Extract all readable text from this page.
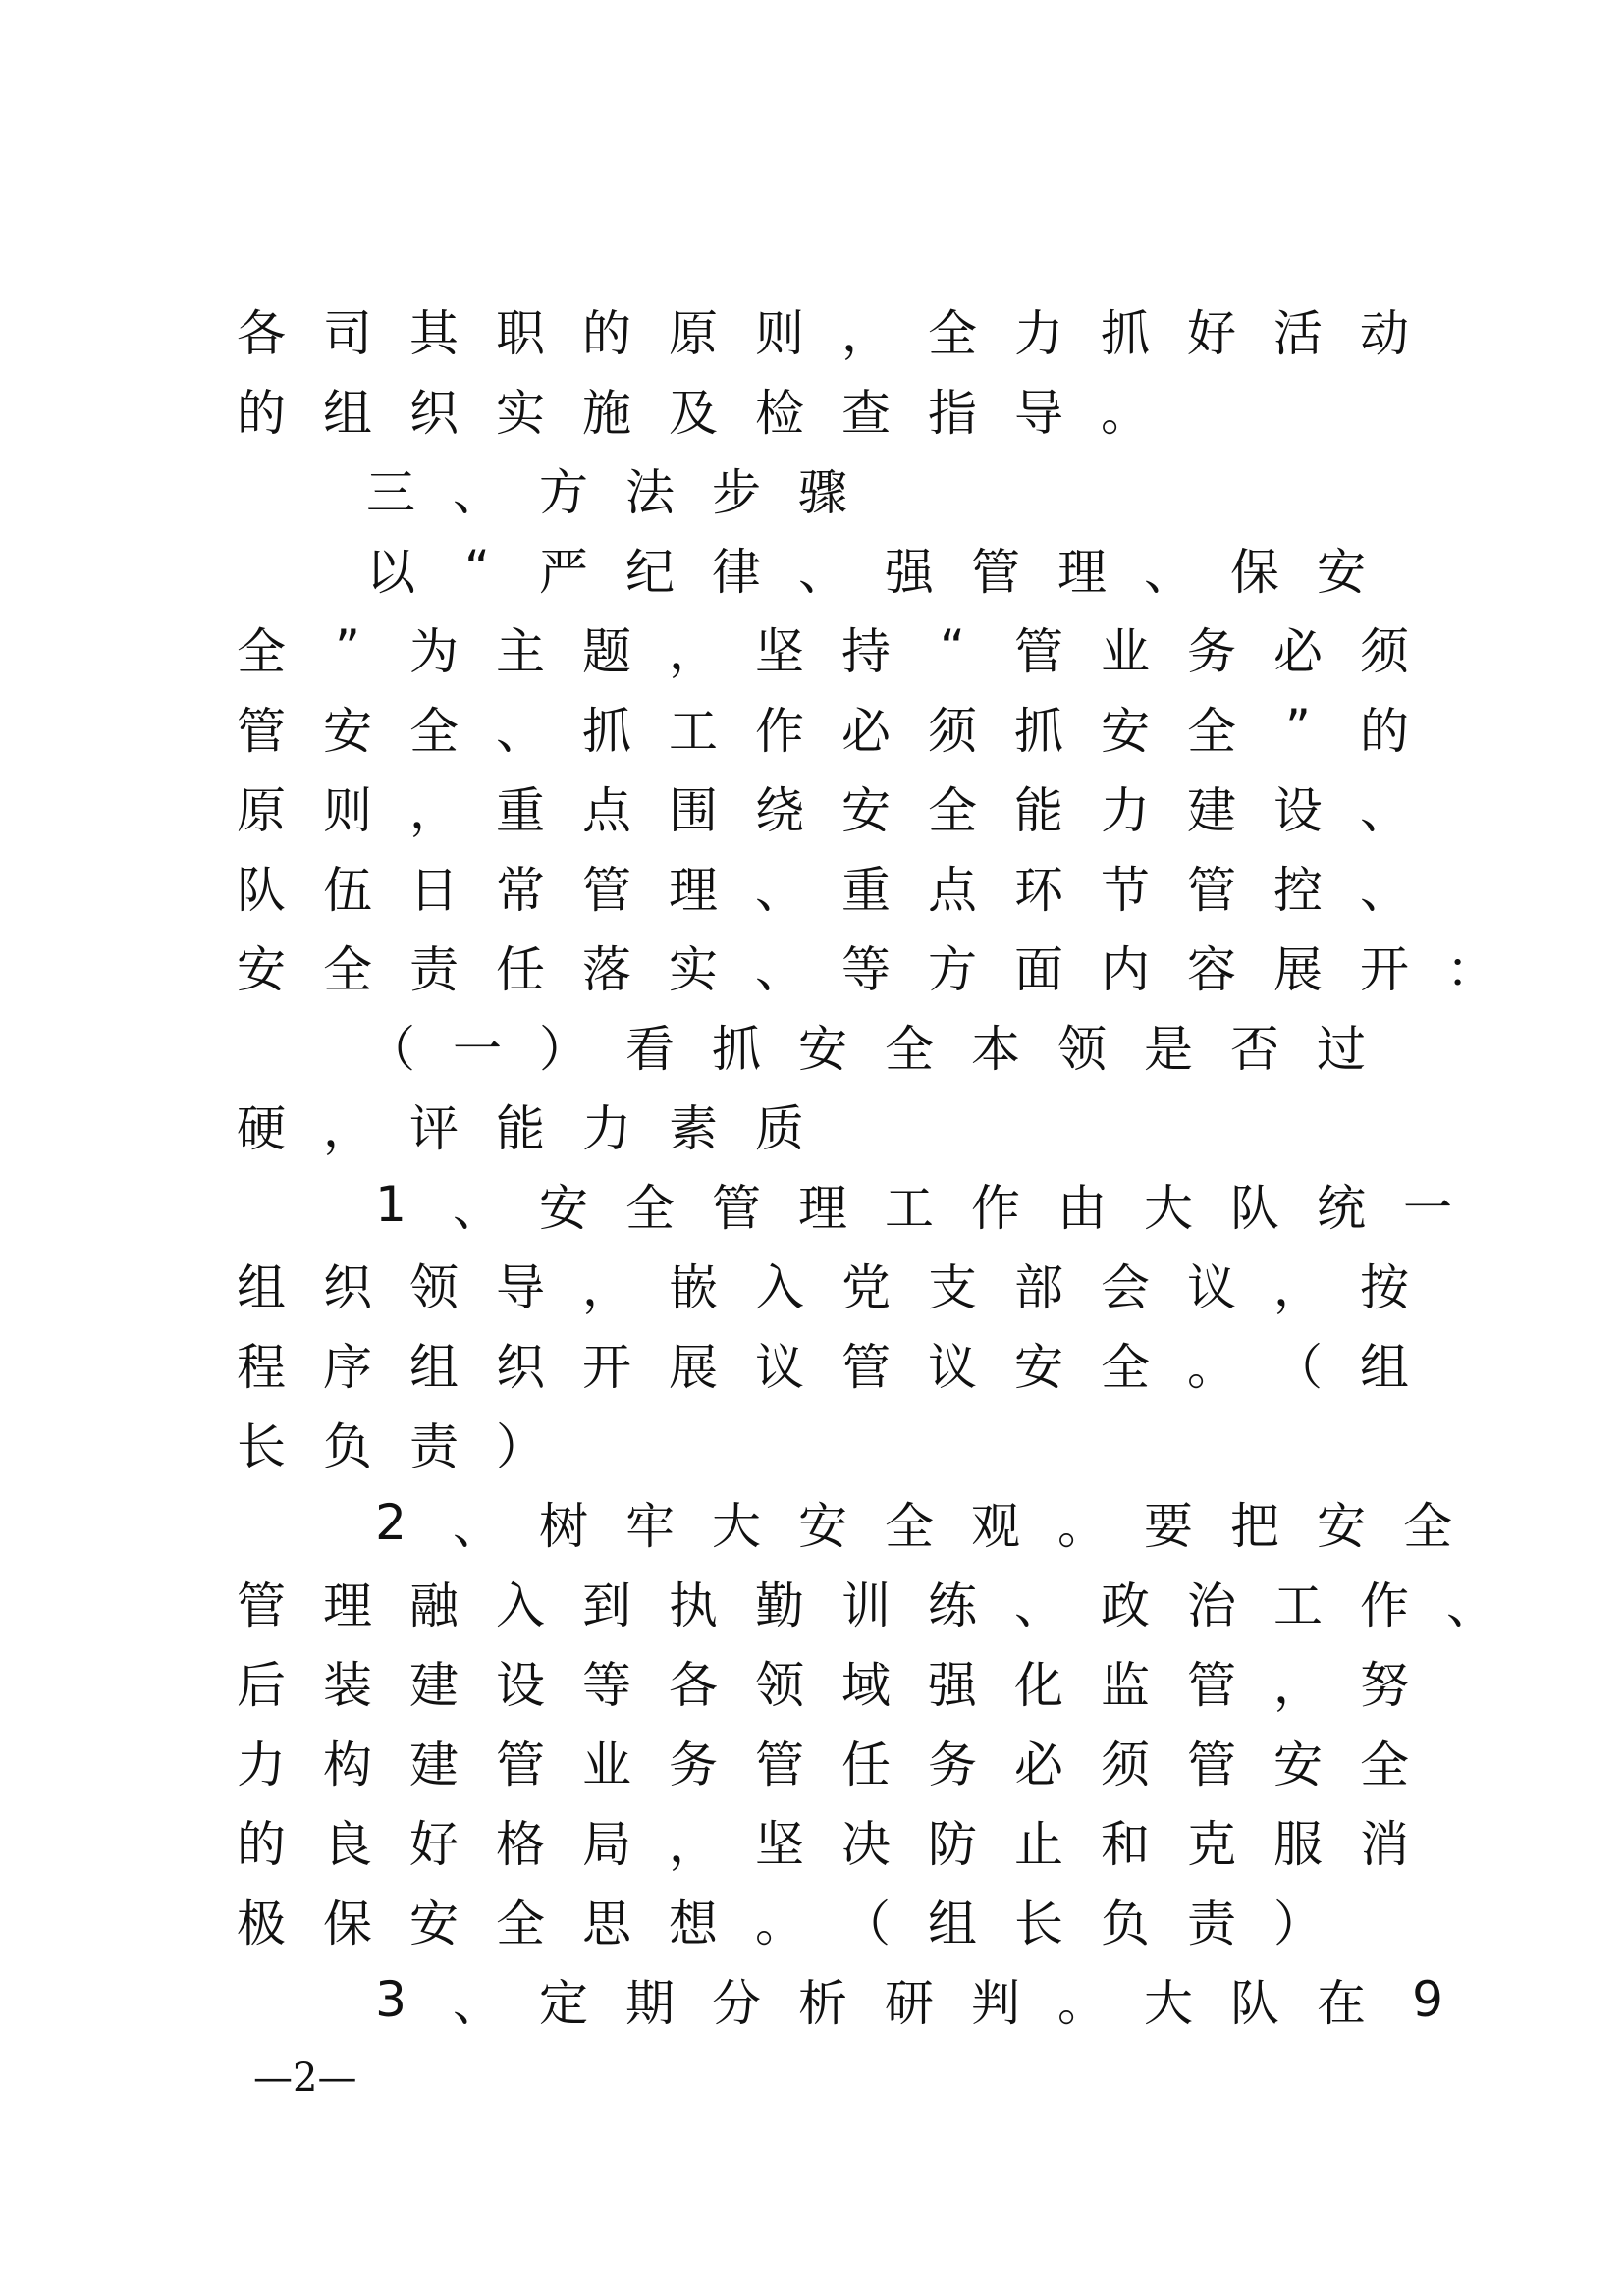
各 司 其 职 的 原 则 ， 全 力 抓 好 活 动
的 组 织 实 施 及 检 查 指 导 。
三 、 方 法 步 骤
以	“	严 纪 律 、 强 管 理 、 保 安
全	”	为 主 题 ， 坚 持	“	管 业 务 必 须
管 安 全 、 抓 工 作 必 须 抓 安 全	”	的
原 则 ， 重 点 围 绕 安 全 能 力 建 设 、
队 伍 日 常 管 理 、 重 点 环 节 管 控 、
安 全 责 任 落 实 、 等 方 面 内 容 展 开 ：
（ 一 ） 看 抓 安 全 本 领 是 否 过
硬 ， 评 能 力 素 质
1 、 安 全 管 理 工 作 由 大 队 统 一
组 织 领 导 ， 嵌 入 党 支 部 会 议 ， 按
程 序 组 织 开 展 议 管 议 安 全 。 （ 组
长 负 责 ）
2 、 树 牢 大 安 全 观 。 要 把 安 全
管 理 融 入 到 执 勤 训 练 、 政 治 工 作 、
后 装 建 设 等 各 领 域 强 化 监 管 ， 努
力 构 建 管 业 务 管 任 务 必 须 管 安 全
的 良 好 格 局 ， 坚 决 防 止 和 克 服 消
极 保 安 全 思 想 。 （ 组 长 负 责 ）
3 、 定 期 分 析 研 判 。 大 队 在 9
—2—
